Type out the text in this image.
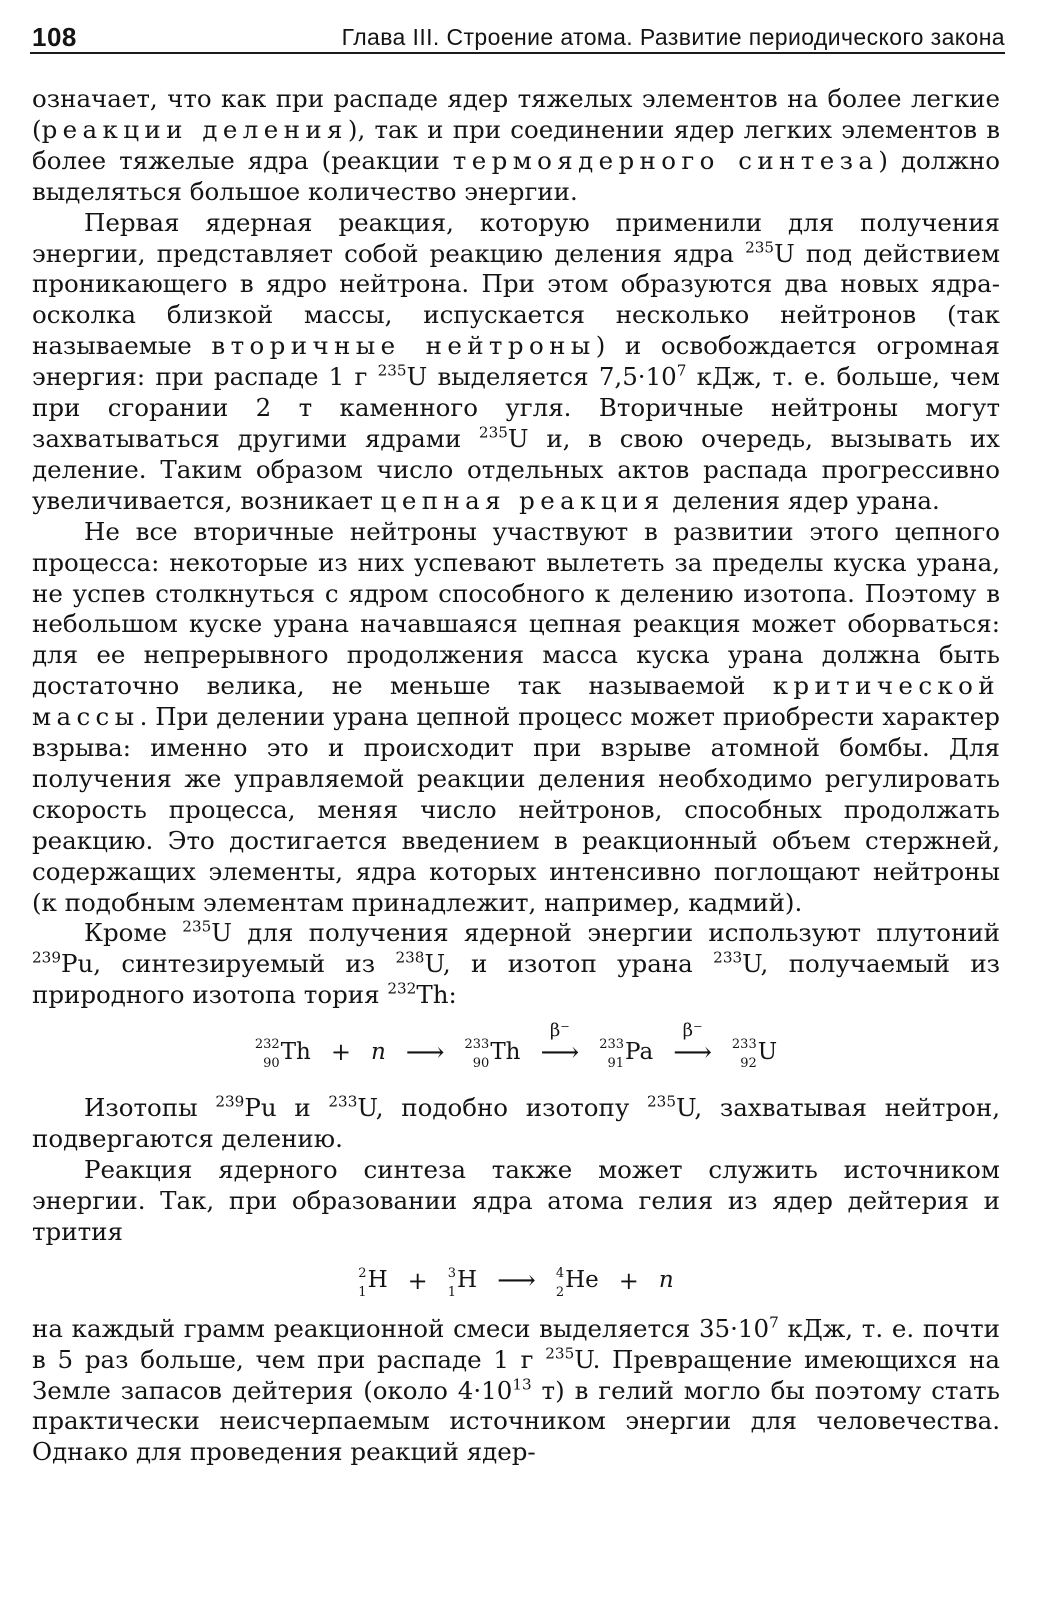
108	Глава III. Строение атома. Развитие периодического закона

означает, что как при распаде ядер тяжелых элементов на более легкие (реакции деления), так и при соединении ядер легких элементов в более тяжелые ядра (реакции термоядерного синтеза) должно выделяться большое количество энергии.

Первая ядерная реакция, которую применили для получения энергии, представляет собой реакцию деления ядра $^{235}$U под действием проникающего в ядро нейтрона. При этом образуются два новых ядра-осколка близкой массы, испускается несколько нейтронов (так называемые вторичные нейтроны) и освобождается огромная энергия: при распаде 1 г $^{235}$U выделяется $7,5\cdot 10^7$ кДж, т. е. больше, чем при сгорании 2 т каменного угля. Вторичные нейтроны могут захватываться другими ядрами $^{235}$U и, в свою очередь, вызывать их деление. Таким образом число отдельных актов распада прогрессивно увеличивается, возникает цепная реакция деления ядер урана.

Не все вторичные нейтроны участвуют в развитии этого цепного процесса: некоторые из них успевают вылететь за пределы куска урана, не успев столкнуться с ядром способного к делению изотопа. Поэтому в небольшом куске урана начавшаяся цепная реакция может оборваться: для ее непрерывного продолжения масса куска урана должна быть достаточно велика, не меньше так называемой критической массы. При делении урана цепной процесс может приобрести характер взрыва: именно это и происходит при взрыве атомной бомбы. Для получения же управляемой реакции деления необходимо регулировать скорость процесса, меняя число нейтронов, способных продолжать реакцию. Это достигается введением в реакционный объем стержней, содержащих элементы, ядра которых интенсивно поглощают нейтроны (к подобным элементам принадлежит, например, кадмий).

Кроме $^{235}$U для получения ядерной энергии используют плутоний $^{239}$Pu, синтезируемый из $^{238}$U, и изотоп урана $^{233}$U, получаемый из природного изотопа тория $^{232}$Th:

232
90 Th + n ⟶ 233
90 Th
β⁻
⟶ 233
91 Pa
β⁻
⟶ 233
92 U

Изотопы $^{239}$Pu и $^{233}$U, подобно изотопу $^{235}$U, захватывая нейтрон, подвергаются делению.

Реакция ядерного синтеза также может служить источником энергии. Так, при образовании ядра атома гелия из ядер дейтерия и трития

2
1 H + 3
1 H ⟶ 4
2 He + n

на каждый грамм реакционной смеси выделяется $35\cdot 10^7$ кДж, т. е. почти в 5 раз больше, чем при распаде 1 г $^{235}$U. Превращение имеющихся на Земле запасов дейтерия (около $4\cdot 10^{13}$ т) в гелий могло бы поэтому стать практически неисчерпаемым источником энергии для человечества. Однако для проведения реакций ядер-
